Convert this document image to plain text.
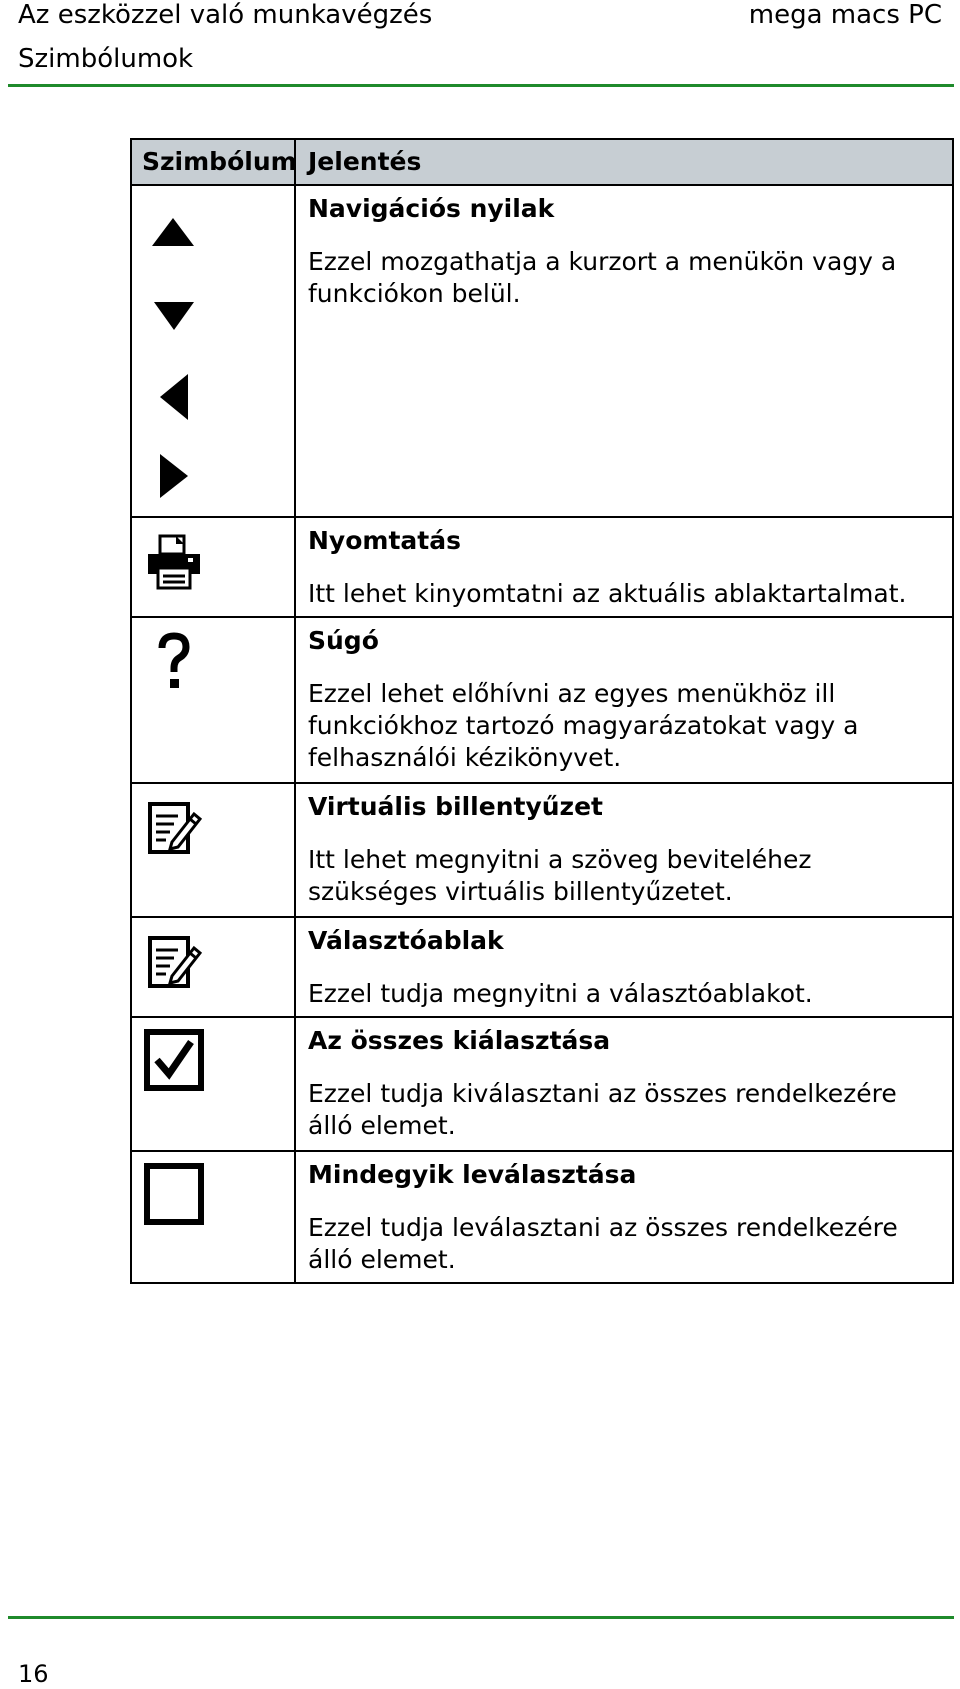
Az eszközzel való munkavégzés
Szimbólumok
mega macs PC
Szimbólum Jelentés
Navigációs nyilak
Ezzel mozgathatja a kurzort a menükön vagy a funkciókon belül.
Nyomtatás
Itt lehet kinyomtatni az aktuális ablaktartalmat.
Súgó
Ezzel lehet előhívni az egyes menükhöz ill funkciókhoz tartozó magyarázatokat vagy a felhasználói kézikönyvet.
Virtuális billentyűzet
Itt lehet megnyitni a szöveg beviteléhez szükséges virtuális billentyűzetet.
Választóablak
Ezzel tudja megnyitni a választóablakot.
Az összes kiálasztása
Ezzel tudja kiválasztani az összes rendelkezére álló elemet.
Mindegyik leválasztása
Ezzel tudja leválasztani az összes rendelkezére álló elemet.
16
